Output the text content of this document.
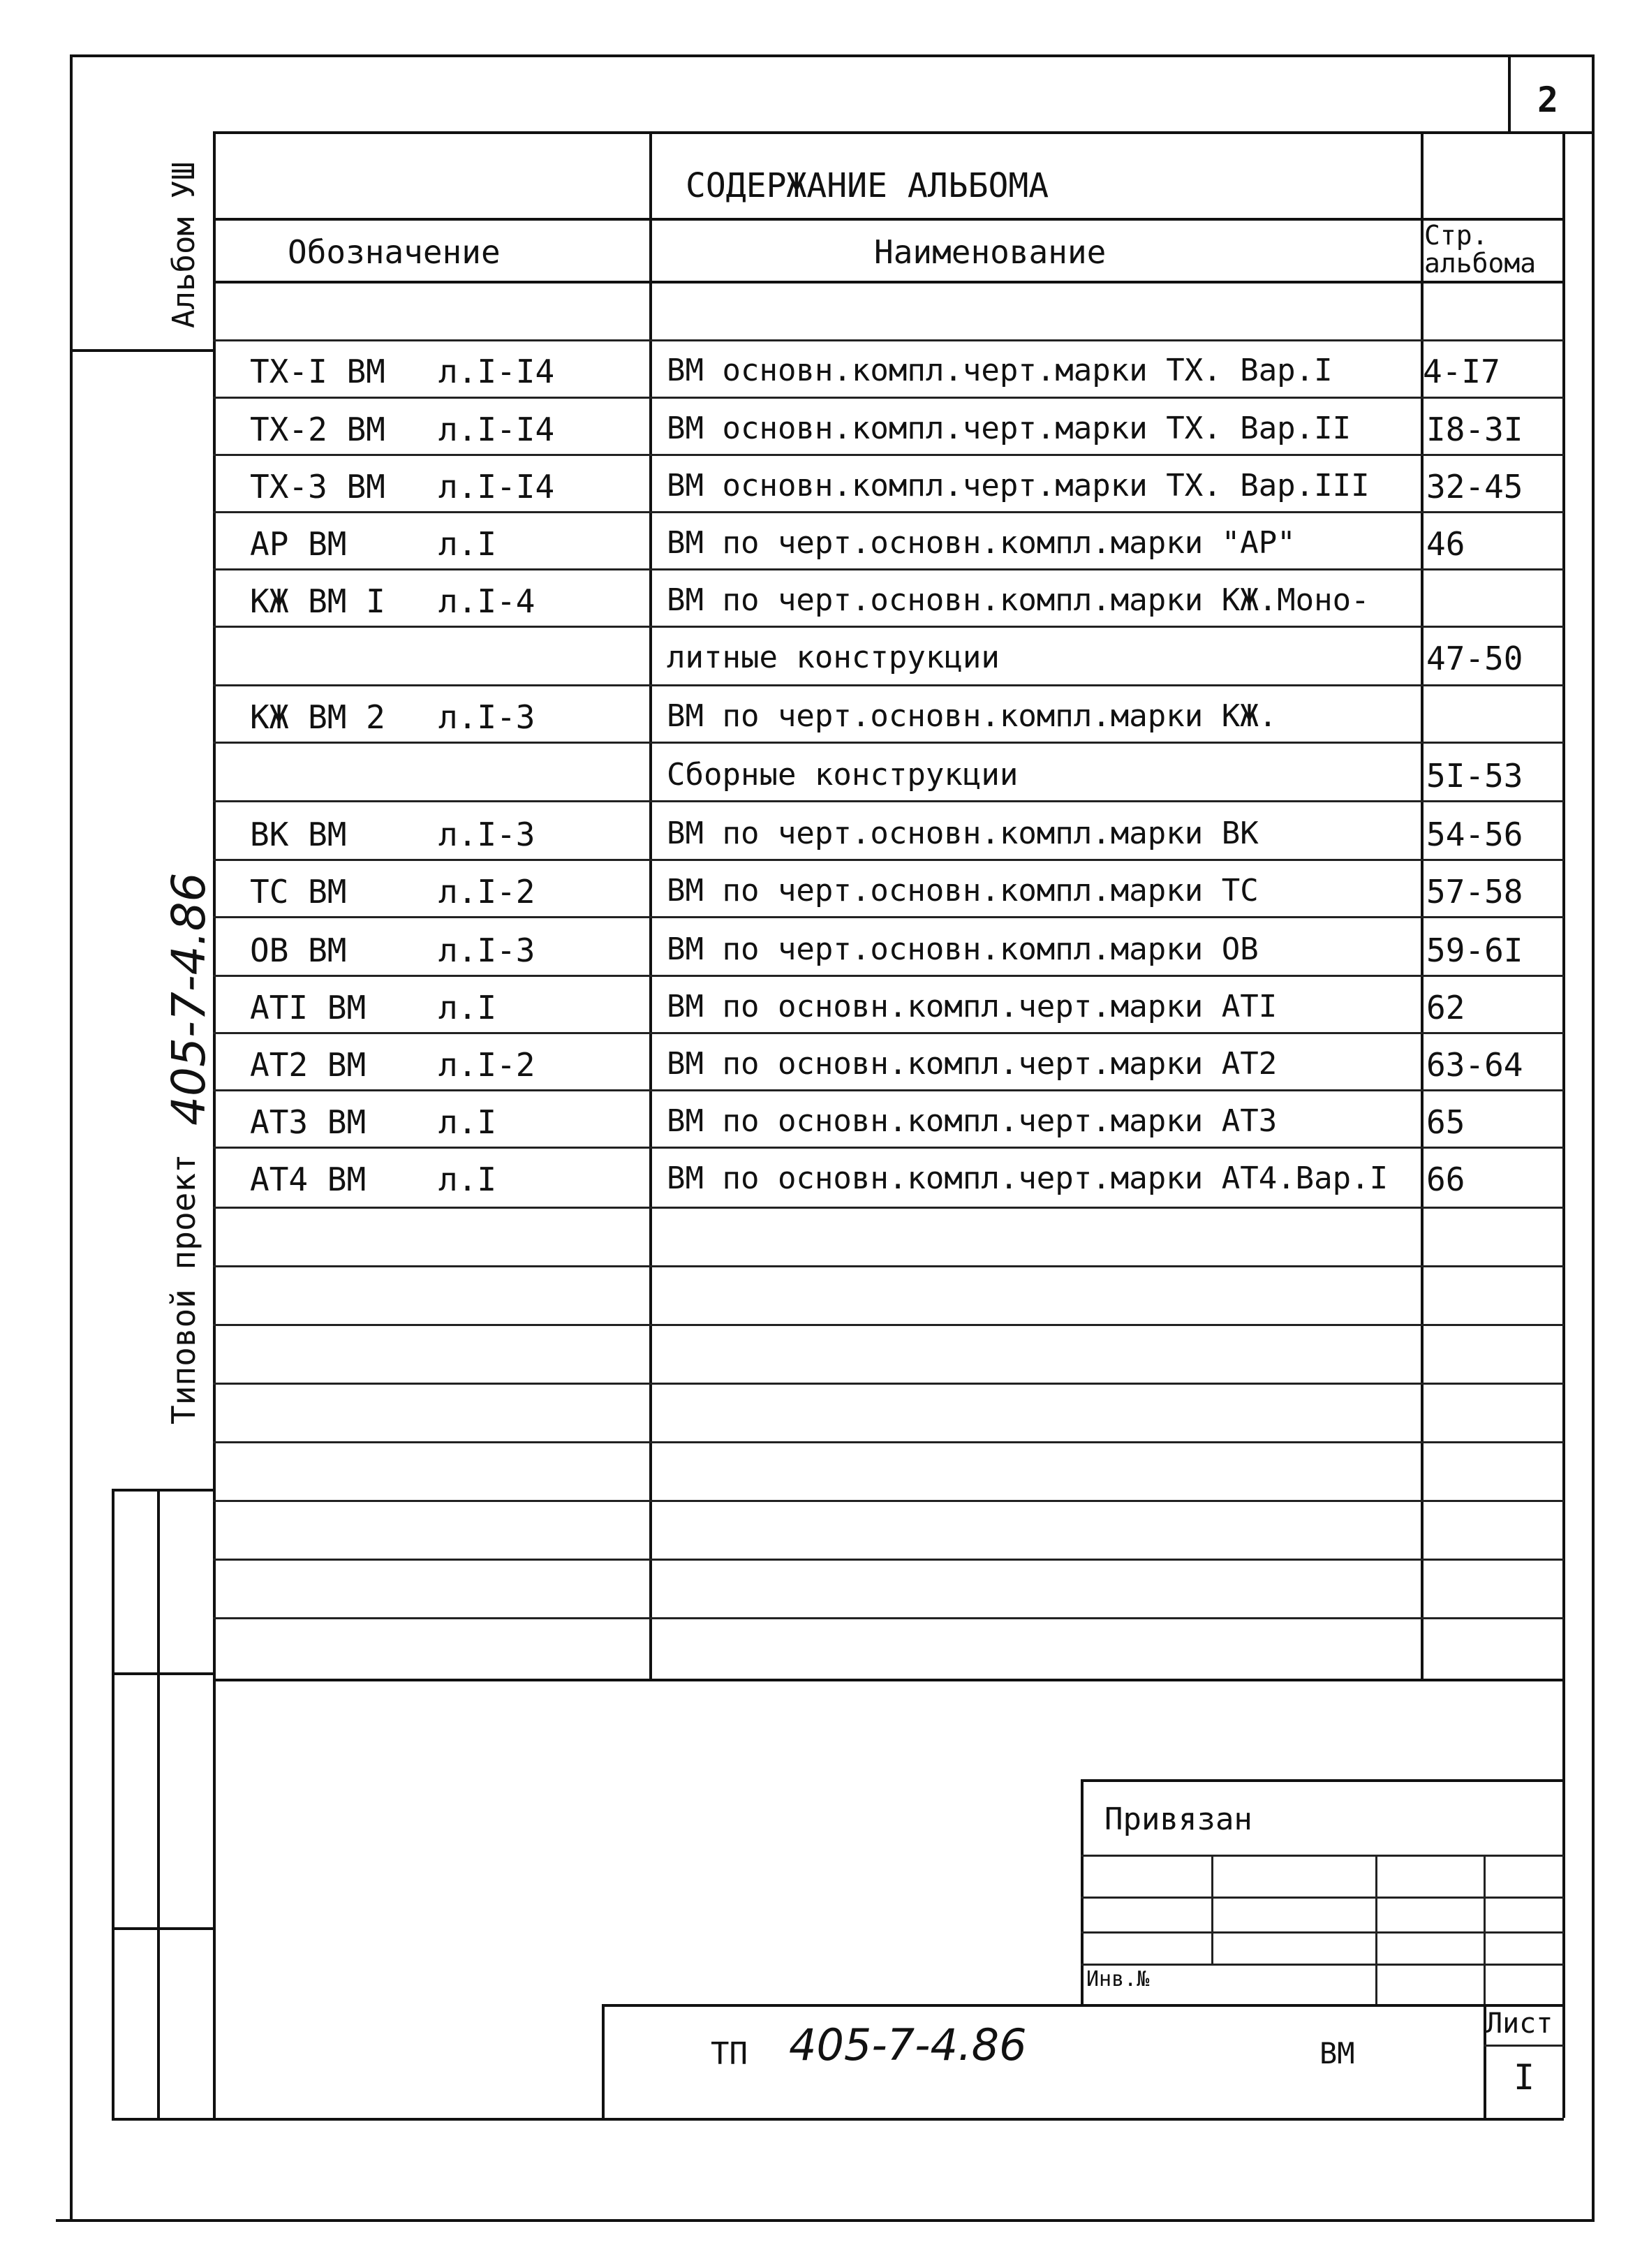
2
Альбом УШ
Типовой проект
405-7-4.86
СОДЕРЖАНИЕ АЛЬБОМА
Обозначение	Наименование	Стр. альбома
ТХ-I ВМ л.I-I4	ВМ основн.компл.черт.марки ТХ. Вар.I	4-I7
ТХ-2 ВМ л.I-I4	ВМ основн.компл.черт.марки ТХ. Вар.II I8-3I
ТХ-3 ВМ л.I-I4	ВМ основн.компл.черт.марки ТХ. Вар.III 32-45
АР ВМ	л.I	ВМ по черт.основн.компл.марки "АР"	46
КЖ ВМ I л.I-4	ВМ по черт.основн.компл.марки КЖ.Моно-
литные конструкции	47-50
КЖ ВМ 2 л.I-3	ВМ по черт.основн.компл.марки КЖ.
Сборные конструкции	5I-53
ВК ВМ	л.I-3	ВМ по черт.основн.компл.марки ВК	54-56
ТС ВМ	л.I-2	ВМ по черт.основн.компл.марки ТС	57-58
ОВ ВМ	л.I-3	ВМ по черт.основн.компл.марки ОВ	59-6I
АТI ВМ л.I	ВМ по основн.компл.черт.марки АТI	62
АТ2 ВМ л.I-2	ВМ по основн.компл.черт.марки АТ2	63-64
АТ3 ВМ л.I	ВМ по основн.компл.черт.марки АТ3	65
АТ4 ВМ л.I	ВМ по основн.компл.черт.марки АТ4.Вар.I 66
Привязан
Инв.№
ТП 405-7-4.86	ВМ
Лист
I
